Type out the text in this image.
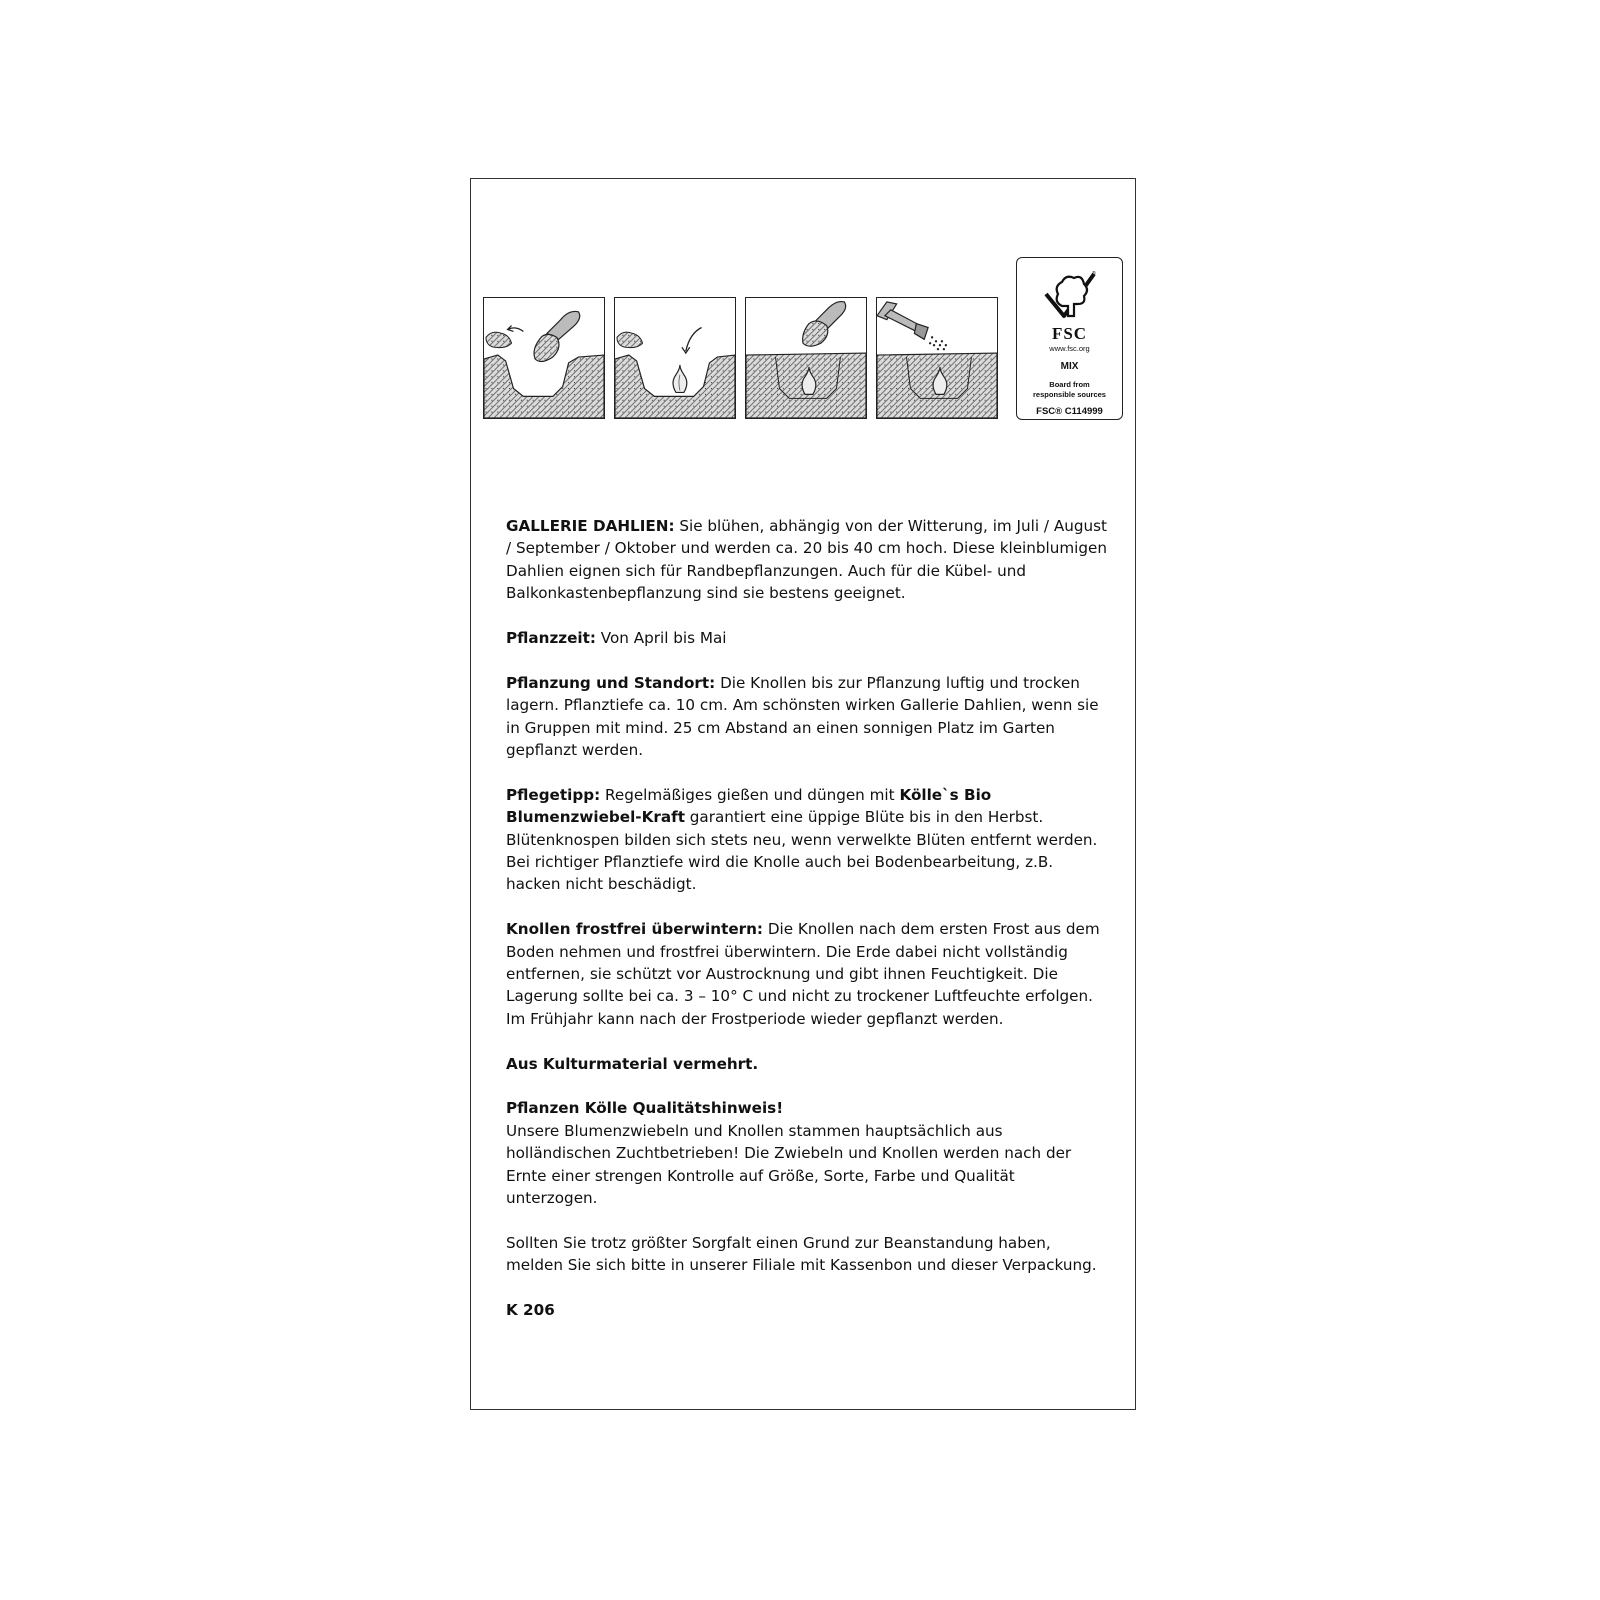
®
FSC
www.fsc.org
MIX
Board from
responsible sources
FSC® C114999

GALLERIE DAHLIEN: Sie blühen, abhängig von der Witterung, im Juli / August / September / Oktober und werden ca. 20 bis 40 cm hoch. Diese kleinblumigen Dahlien eignen sich für Randbepflanzungen. Auch für die Kübel- und Balkonkastenbepflanzung sind sie bestens geeignet.

Pflanzzeit: Von April bis Mai

Pflanzung und Standort: Die Knollen bis zur Pflanzung luftig und trocken lagern. Pflanztiefe ca. 10 cm. Am schönsten wirken Gallerie Dahlien, wenn sie in Gruppen mit mind. 25 cm Abstand an einen sonnigen Platz im Garten gepflanzt werden.

Pflegetipp: Regelmäßiges gießen und düngen mit Kölle`s Bio Blumenzwiebel-Kraft garantiert eine üppige Blüte bis in den Herbst. Blütenknospen bilden sich stets neu, wenn verwelkte Blüten entfernt werden. Bei richtiger Pflanztiefe wird die Knolle auch bei Bodenbearbeitung, z.B. hacken nicht beschädigt.

Knollen frostfrei überwintern: Die Knollen nach dem ersten Frost aus dem Boden nehmen und frostfrei überwintern. Die Erde dabei nicht vollständig entfernen, sie schützt vor Austrocknung und gibt ihnen Feuchtigkeit. Die Lagerung sollte bei ca. 3 – 10° C und nicht zu trockener Luftfeuchte erfolgen. Im Frühjahr kann nach der Frostperiode wieder gepflanzt werden.

Aus Kulturmaterial vermehrt.

Pflanzen Kölle Qualitätshinweis!
Unsere Blumenzwiebeln und Knollen stammen hauptsächlich aus holländischen Zuchtbetrieben! Die Zwiebeln und Knollen werden nach der Ernte einer strengen Kontrolle auf Größe, Sorte, Farbe und Qualität unterzogen.

Sollten Sie trotz größter Sorgfalt einen Grund zur Beanstandung haben, melden Sie sich bitte in unserer Filiale mit Kassenbon und dieser Verpackung.

K 206
